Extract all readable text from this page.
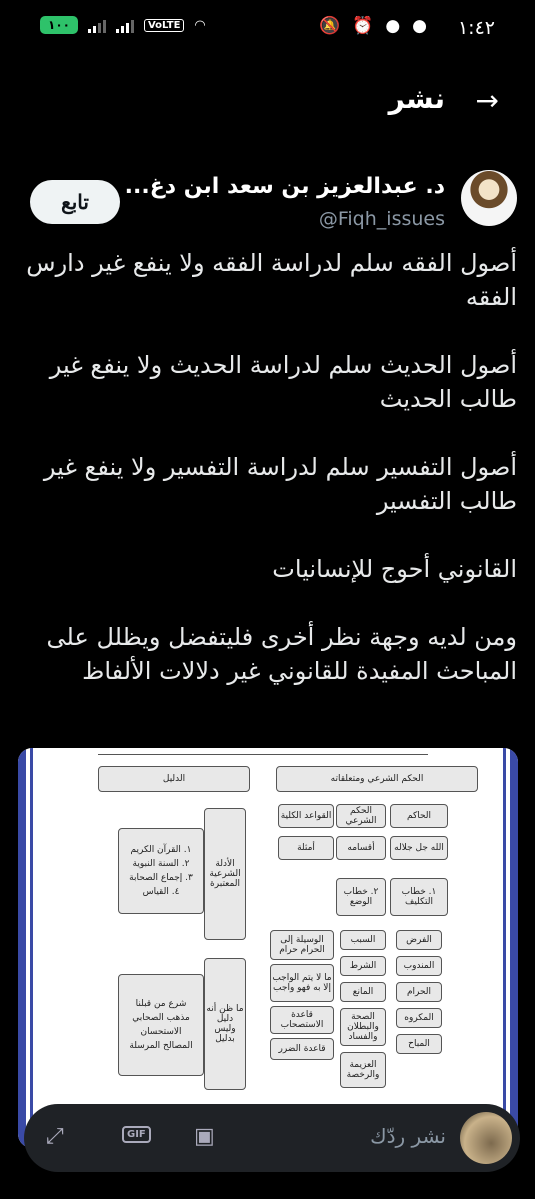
١٠٠	VoLTE	◠	🔕 ⏰ ● ● ١:٤٢
→
نشر
د. عبدالعزيز بن سعد ابن دغ...
@Fiqh_issues
تابع

أصول الفقه سلم لدراسة الفقه ولا ينفع غير دارس الفقه

أصول الحديث سلم لدراسة الحديث ولا ينفع غير طالب الحديث

أصول التفسير سلم لدراسة التفسير ولا ينفع غير طالب التفسير

القانوني أحوج للإنسانيات

ومن لديه وجهة نظر أخرى فليتفضل ويظلل على المباحث المفيدة للقانوني غير دلالات الألفاظ

الحكم الشرعي ومتعلقاته
الدليل
الحاكم
الله جل جلاله
الحكم الشرعي
أقسامه
القواعد الكلية
أمثلة
١. خطاب التكليف
٢. خطاب الوضع
الفرض
المندوب
الحرام
المكروه
المباح
السبب
الشرط
المانع
الصحة والبطلان والفساد
العزيمة والرخصة
الوسيلة إلى الحرام حرام
ما لا يتم الواجب إلا به فهو واجب
قاعدة الاستصحاب
قاعدة الضرر
الأدلة الشرعية المعتبرة
١. القرآن الكريم
٢. السنة النبوية
٣. إجماع الصحابة
٤. القياس
ما ظن أنه دليل وليس بدليل
شرع من قبلنا
مذهب الصحابي
الاستحسان
المصالح المرسلة
نشر ردّك
▣
GIF
⤢
